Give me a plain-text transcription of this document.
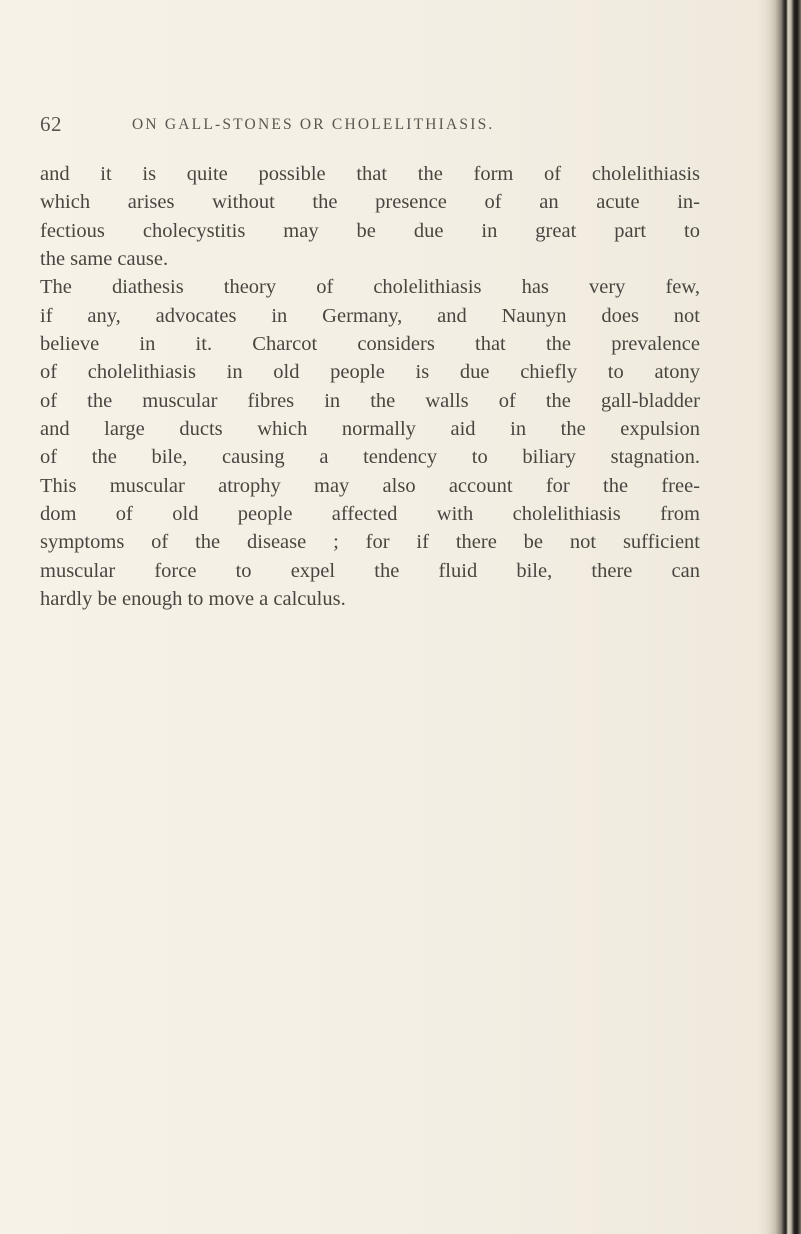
62	ON GALL-STONES OR CHOLELITHIASIS.
and it is quite possible that the form of cholelithiasis
which arises without the presence of an acute in-
fectious cholecystitis may be due in great part to
the same cause.
The diathesis theory of cholelithiasis has very few,
if any, advocates in Germany, and Naunyn does not
believe in it. Charcot considers that the prevalence
of cholelithiasis in old people is due chiefly to atony
of the muscular fibres in the walls of the gall-bladder
and large ducts which normally aid in the expulsion
of the bile, causing a tendency to biliary stagnation.
This muscular atrophy may also account for the free-
dom of old people affected with cholelithiasis from
symptoms of the disease ; for if there be not sufficient
muscular force to expel the fluid bile, there can
hardly be enough to move a calculus.
